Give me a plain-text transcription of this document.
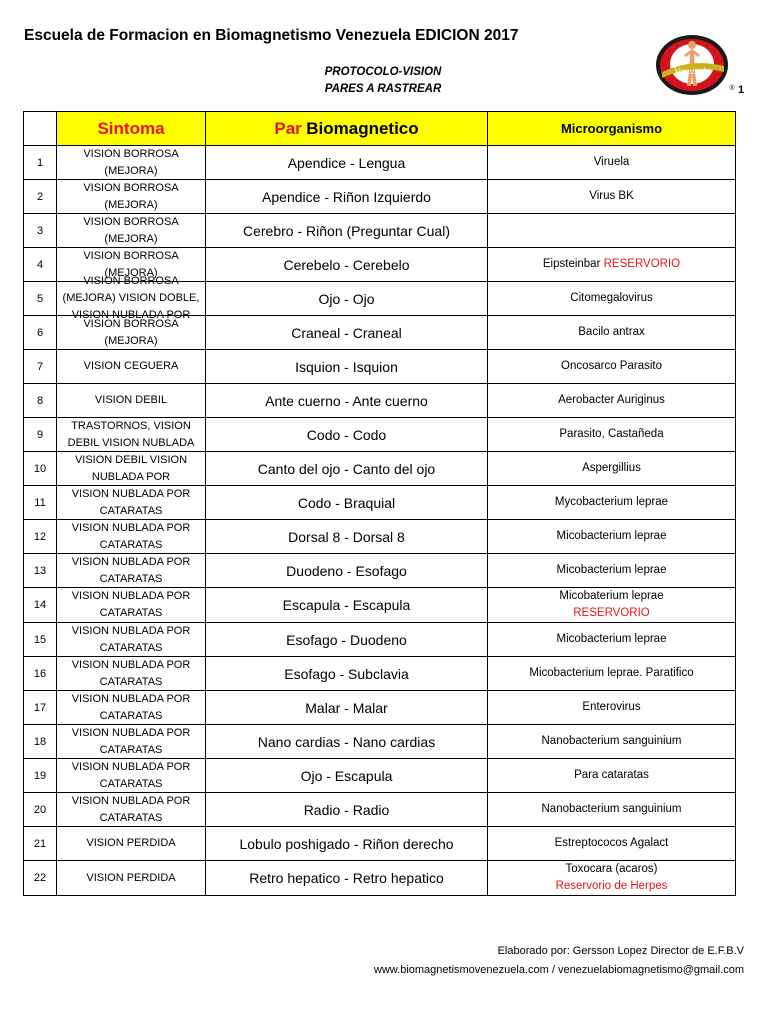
Escuela de Formacion en Biomagnetismo Venezuela EDICION 2017
PROTOCOLO-VISION
PARES A RASTREAR
Venezuela
® 1
	Sintoma	Par Biomagnetico	Microorganismo
1	VISION BORROSA (MEJORA)	Apendice - Lengua	Viruela
2	VISION BORROSA (MEJORA)	Apendice - Riñon Izquierdo	Virus BK
3	VISION BORROSA (MEJORA)	Cerebro - Riñon (Preguntar Cual)	
4	VISION BORROSA (MEJORA)	Cerebelo - Cerebelo	Eipsteinbar RESERVORIO
5	VISION BORROSA (MEJORA) VISION DOBLE, VISION NUBLADA POR	Ojo - Ojo	Citomegalovirus
6	VISION BORROSA (MEJORA)	Craneal - Craneal	Bacilo antrax
7	VISION CEGUERA	Isquion - Isquion	Oncosarco Parasito
8	VISION DEBIL	Ante cuerno - Ante cuerno	Aerobacter Auriginus
9	TRASTORNOS, VISION DEBIL VISION NUBLADA	Codo - Codo	Parasito, Castañeda
10	VISION DEBIL VISION NUBLADA POR	Canto del ojo - Canto del ojo	Aspergillius
11	VISION NUBLADA POR CATARATAS	Codo - Braquial	Mycobacterium leprae
12	VISION NUBLADA POR CATARATAS	Dorsal 8 - Dorsal 8	Micobacterium leprae
13	VISION NUBLADA POR CATARATAS	Duodeno - Esofago	Micobacterium leprae
14	VISION NUBLADA POR CATARATAS	Escapula - Escapula	Micobaterium leprae
RESERVORIO
15	VISION NUBLADA POR CATARATAS	Esofago - Duodeno	Micobacterium leprae
16	VISION NUBLADA POR CATARATAS	Esofago - Subclavia	Micobacterium leprae. Paratifico
17	VISION NUBLADA POR CATARATAS	Malar - Malar	Enterovirus
18	VISION NUBLADA POR CATARATAS	Nano cardias - Nano cardias	Nanobacterium sanguinium
19	VISION NUBLADA POR CATARATAS	Ojo - Escapula	Para cataratas
20	VISION NUBLADA POR CATARATAS	Radio - Radio	Nanobacterium sanguinium
21	VISION PERDIDA	Lobulo poshigado - Riñon derecho	Estreptococos Agalact
22	VISION PERDIDA	Retro hepatico - Retro hepatico	Toxocara (acaros)
Reservorio de Herpes
Elaborado por: Gersson Lopez Director de E.F.B.V
www.biomagnetismovenezuela.com / venezuelabiomagnetismo@gmail.com
